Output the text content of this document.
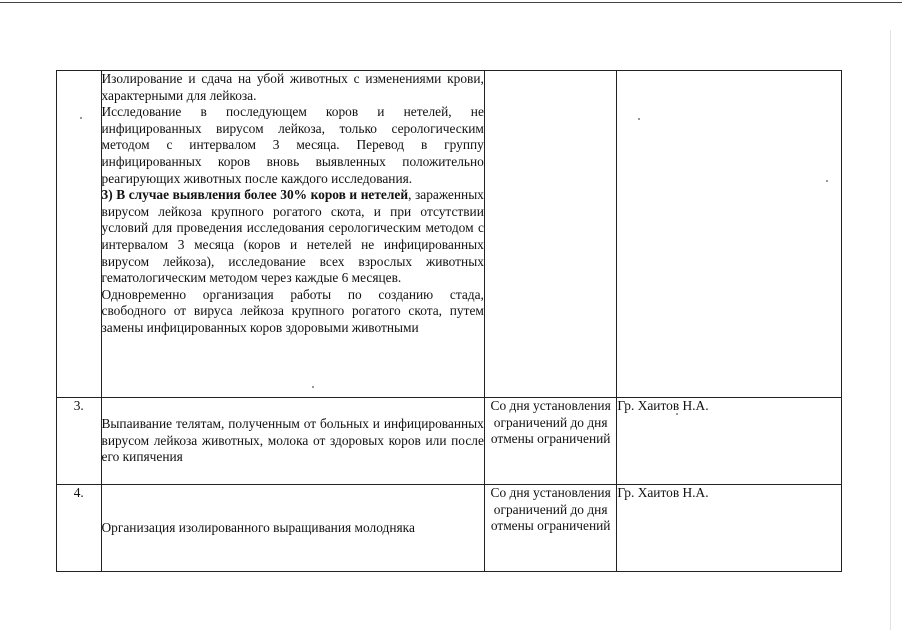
	Изолирование и сдача на убой животных с изменениями крови, характерными для лейкоза.

Исследование в последующем коров и нетелей, не инфицированных вирусом лейкоза, только серологическим методом с интервалом 3 месяца. Перевод в группу инфицированных коров вновь выявленных положительно реагирующих животных после каждого исследования.

3) В случае выявления более 30% коров и нетелей, зараженных вирусом лейкоза крупного рогатого скота, и при отсутствии условий для проведения исследования серологическим методом с интервалом 3 месяца (коров и нетелей не инфицированных вирусом лейкоза), исследование всех взрослых животных гематологическим методом через каждые 6 месяцев.

Одновременно организация работы по созданию стада, свободного от вируса лейкоза крупного рогатого скота, путем замены инфицированных коров здоровыми животными		

3.	Выпаивание телятам, полученным от больных и инфицированных вирусом лейкоза животных, молока от здоровых коров или после его кипячения	Со дня установления ограничений до дня отмены ограничений	Гр. Хаитов Н.А.
4.	Организация изолированного выращивания молодняка	Со дня установления ограничений до дня отмены ограничений	Гр. Хаитов Н.А.
